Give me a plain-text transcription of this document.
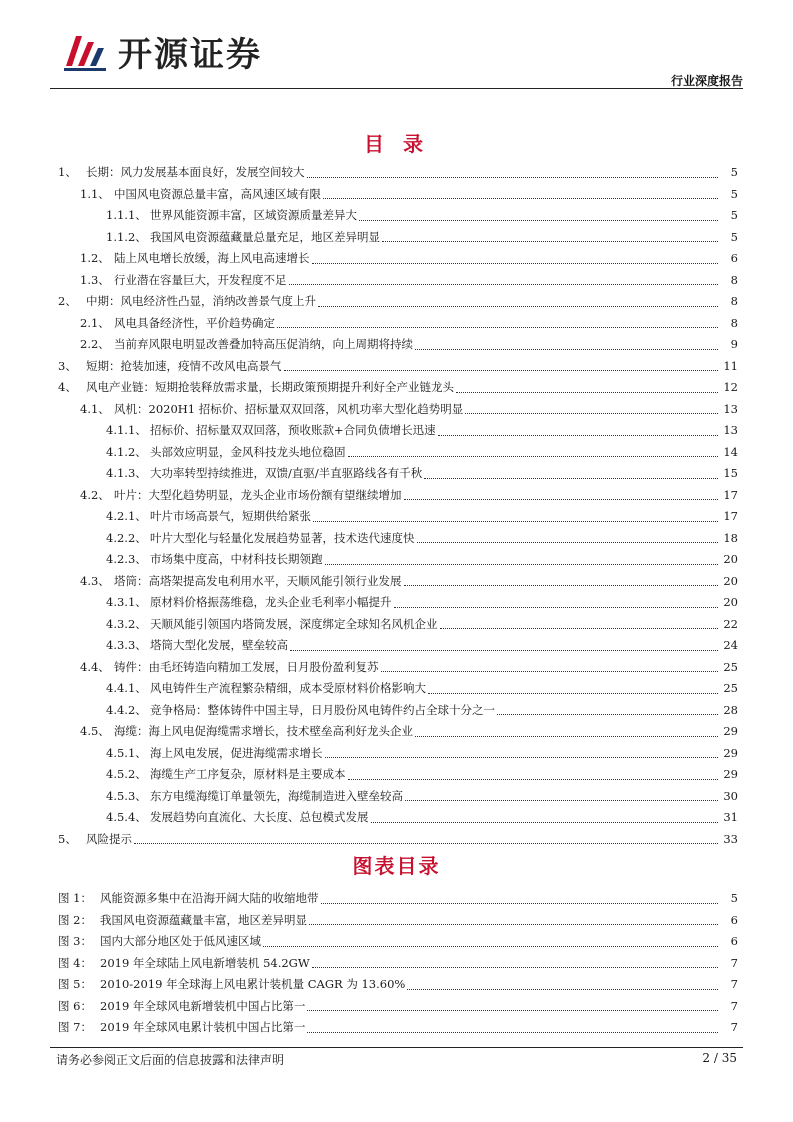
开源证券
行业深度报告
目 录
1、 长期：风力发展基本面良好，发展空间较大	5
1.1、 中国风电资源总量丰富，高风速区域有限	5
1.1.1、 世界风能资源丰富，区域资源质量差异大	5
1.1.2、 我国风电资源蕴藏量总量充足，地区差异明显	5
1.2、 陆上风电增长放缓，海上风电高速增长	6
1.3、 行业潜在容量巨大，开发程度不足	8
2、 中期：风电经济性凸显，消纳改善景气度上升	8
2.1、 风电具备经济性，平价趋势确定	8
2.2、 当前弃风限电明显改善叠加特高压促消纳，向上周期将持续	9
3、 短期：抢装加速，疫情不改风电高景气	11
4、 风电产业链：短期抢装释放需求量，长期政策预期提升利好全产业链龙头	12
4.1、 风机：2020H1 招标价、招标量双双回落，风机功率大型化趋势明显	13
4.1.1、 招标价、招标量双双回落，预收账款+合同负债增长迅速	13
4.1.2、 头部效应明显，金风科技龙头地位稳固	14
4.1.3、 大功率转型持续推进，双馈/直驱/半直驱路线各有千秋	15
4.2、 叶片：大型化趋势明显，龙头企业市场份额有望继续增加	17
4.2.1、 叶片市场高景气，短期供给紧张	17
4.2.2、 叶片大型化与轻量化发展趋势显著，技术迭代速度快	18
4.2.3、 市场集中度高，中材科技长期领跑	20
4.3、 塔筒：高塔架提高发电利用水平，天顺风能引领行业发展	20
4.3.1、 原材料价格振荡维稳，龙头企业毛利率小幅提升	20
4.3.2、 天顺风能引领国内塔筒发展，深度绑定全球知名风机企业	22
4.3.3、 塔筒大型化发展，壁垒较高	24
4.4、 铸件：由毛坯铸造向精加工发展，日月股份盈利复苏	25
4.4.1、 风电铸件生产流程繁杂精细，成本受原材料价格影响大	25
4.4.2、 竞争格局：整体铸件中国主导，日月股份风电铸件约占全球十分之一	28
4.5、 海缆：海上风电促海缆需求增长，技术壁垒高利好龙头企业	29
4.5.1、 海上风电发展，促进海缆需求增长	29
4.5.2、 海缆生产工序复杂，原材料是主要成本	29
4.5.3、 东方电缆海缆订单量领先，海缆制造进入壁垒较高	30
4.5.4、 发展趋势向直流化、大长度、总包模式发展	31
5、 风险提示	33
图表目录
图 1： 风能资源多集中在沿海开阔大陆的收缩地带	5
图 2： 我国风电资源蕴藏量丰富，地区差异明显	6
图 3： 国内大部分地区处于低风速区域	6
图 4： 2019 年全球陆上风电新增装机 54.2GW	7
图 5： 2010-2019 年全球海上风电累计装机量 CAGR 为 13.60%	7
图 6： 2019 年全球风电新增装机中国占比第一	7
图 7： 2019 年全球风电累计装机中国占比第一	7
请务必参阅正文后面的信息披露和法律声明	2 / 35
